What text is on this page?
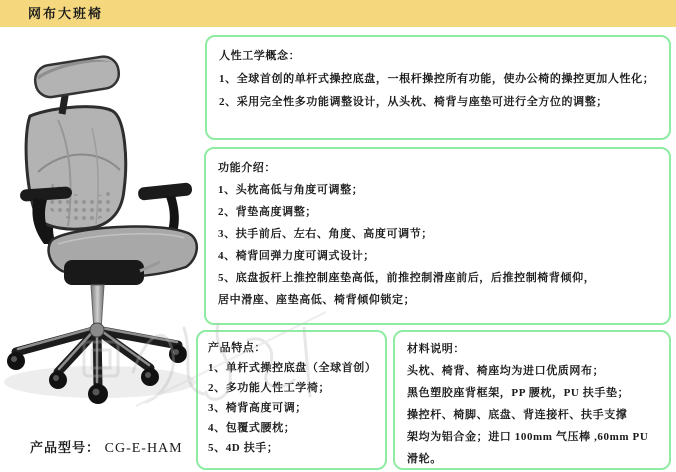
网布大班椅
人性工学概念：
1、全球首创的单杆式操控底盘，一根杆操控所有功能，使办公椅的操控更加人性化；
2、采用完全性多功能调整设计，从头枕、椅背与座垫可进行全方位的调整；
功能介绍：
1、头枕高低与角度可调整；
2、背垫高度调整；
3、扶手前后、左右、角度、高度可调节；
4、椅背回弹力度可调式设计；
5、底盘扳杆上推控制座垫高低，前推控制滑座前后，后推控制椅背倾仰，
居中滑座、座垫高低、椅背倾仰锁定；
产品特点：
1、单杆式操控底盘（全球首创）
2、多功能人性工学椅；
3、椅背高度可调；
4、包覆式腰枕；
5、4D 扶手；
材料说明：
头枕、椅背、椅座均为进口优质网布；
黑色塑胶座背框架，PP 腰枕，PU 扶手垫；
操控杆、椅脚、底盘、背连接杆、扶手支撑
架均为铝合金；进口 100mm 气压棒 ,60mm PU
滑轮。
产品型号： CG-E-HAM
